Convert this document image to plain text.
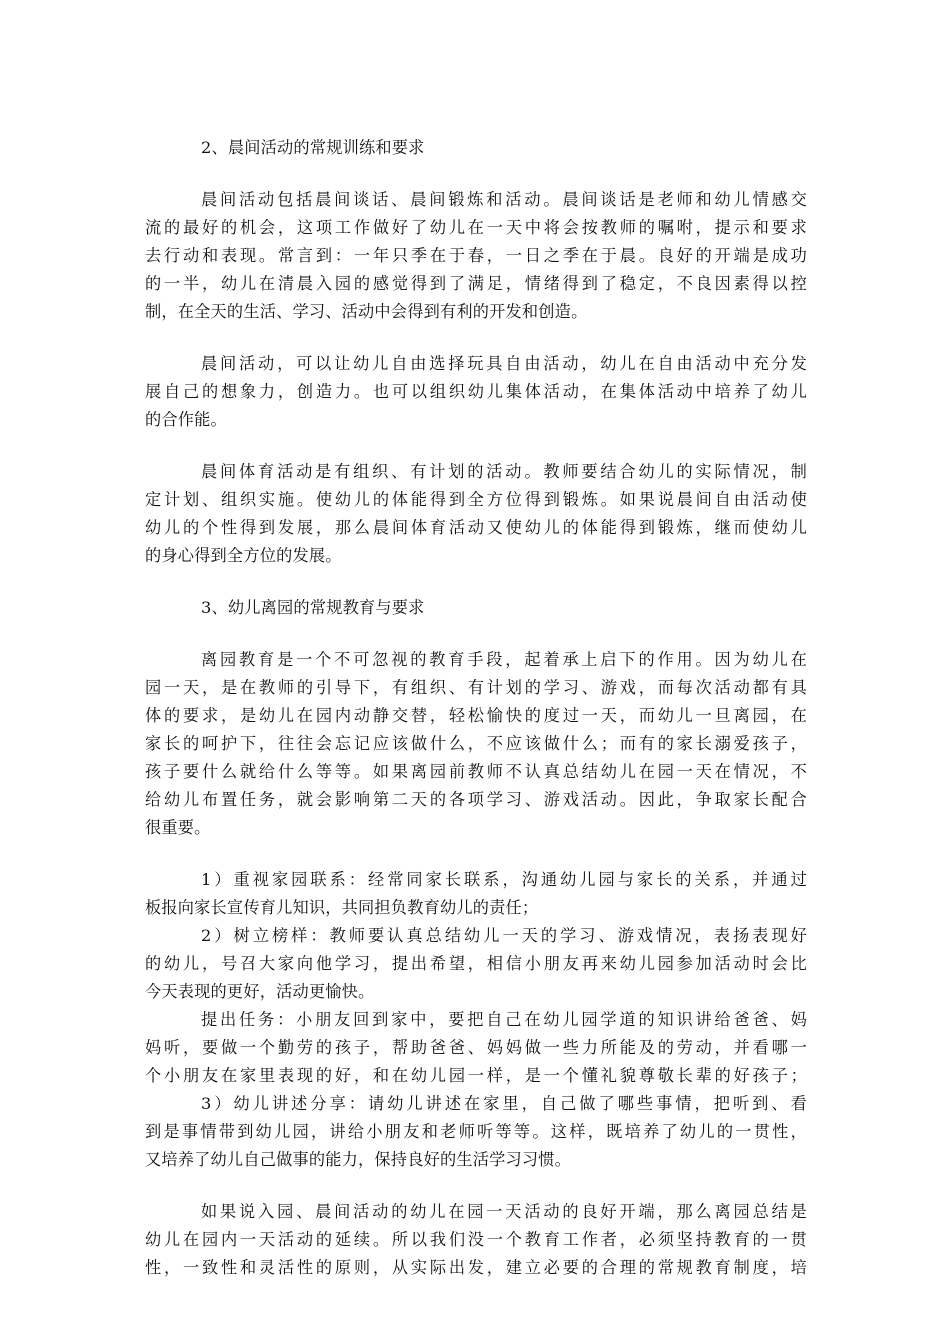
2、晨间活动的常规训练和要求
晨间活动包括晨间谈话、晨间锻炼和活动。晨间谈话是老师和幼儿情感交
流的最好的机会，这项工作做好了幼儿在一天中将会按教师的嘱咐，提示和要求
去行动和表现。常言到：一年只季在于春，一日之季在于晨。良好的开端是成功
的一半，幼儿在清晨入园的感觉得到了满足，情绪得到了稳定，不良因素得以控
制，在全天的生活、学习、活动中会得到有利的开发和创造。
晨间活动，可以让幼儿自由选择玩具自由活动，幼儿在自由活动中充分发
展自己的想象力，创造力。也可以组织幼儿集体活动，在集体活动中培养了幼儿
的合作能。
晨间体育活动是有组织、有计划的活动。教师要结合幼儿的实际情况，制
定计划、组织实施。使幼儿的体能得到全方位得到锻炼。如果说晨间自由活动使
幼儿的个性得到发展，那么晨间体育活动又使幼儿的体能得到锻炼，继而使幼儿
的身心得到全方位的发展。
3、幼儿离园的常规教育与要求
离园教育是一个不可忽视的教育手段，起着承上启下的作用。因为幼儿在
园一天，是在教师的引导下，有组织、有计划的学习、游戏，而每次活动都有具
体的要求，是幼儿在园内动静交替，轻松愉快的度过一天，而幼儿一旦离园，在
家长的呵护下，往往会忘记应该做什么，不应该做什么；而有的家长溺爱孩子，
孩子要什么就给什么等等。如果离园前教师不认真总结幼儿在园一天在情况，不
给幼儿布置任务，就会影响第二天的各项学习、游戏活动。因此，争取家长配合
很重要。
1）重视家园联系：经常同家长联系，沟通幼儿园与家长的关系，并通过
板报向家长宣传育儿知识，共同担负教育幼儿的责任；
2）树立榜样：教师要认真总结幼儿一天的学习、游戏情况，表扬表现好
的幼儿，号召大家向他学习，提出希望，相信小朋友再来幼儿园参加活动时会比
今天表现的更好，活动更愉快。
提出任务：小朋友回到家中，要把自己在幼儿园学道的知识讲给爸爸、妈
妈听，要做一个勤劳的孩子，帮助爸爸、妈妈做一些力所能及的劳动，并看哪一
个小朋友在家里表现的好，和在幼儿园一样，是一个懂礼貌尊敬长辈的好孩子；
3）幼儿讲述分享：请幼儿讲述在家里，自己做了哪些事情，把听到、看
到是事情带到幼儿园，讲给小朋友和老师听等等。这样，既培养了幼儿的一贯性，
又培养了幼儿自己做事的能力，保持良好的生活学习习惯。
如果说入园、晨间活动的幼儿在园一天活动的良好开端，那么离园总结是
幼儿在园内一天活动的延续。所以我们没一个教育工作者，必须坚持教育的一贯
性，一致性和灵活性的原则，从实际出发，建立必要的合理的常规教育制度，培
